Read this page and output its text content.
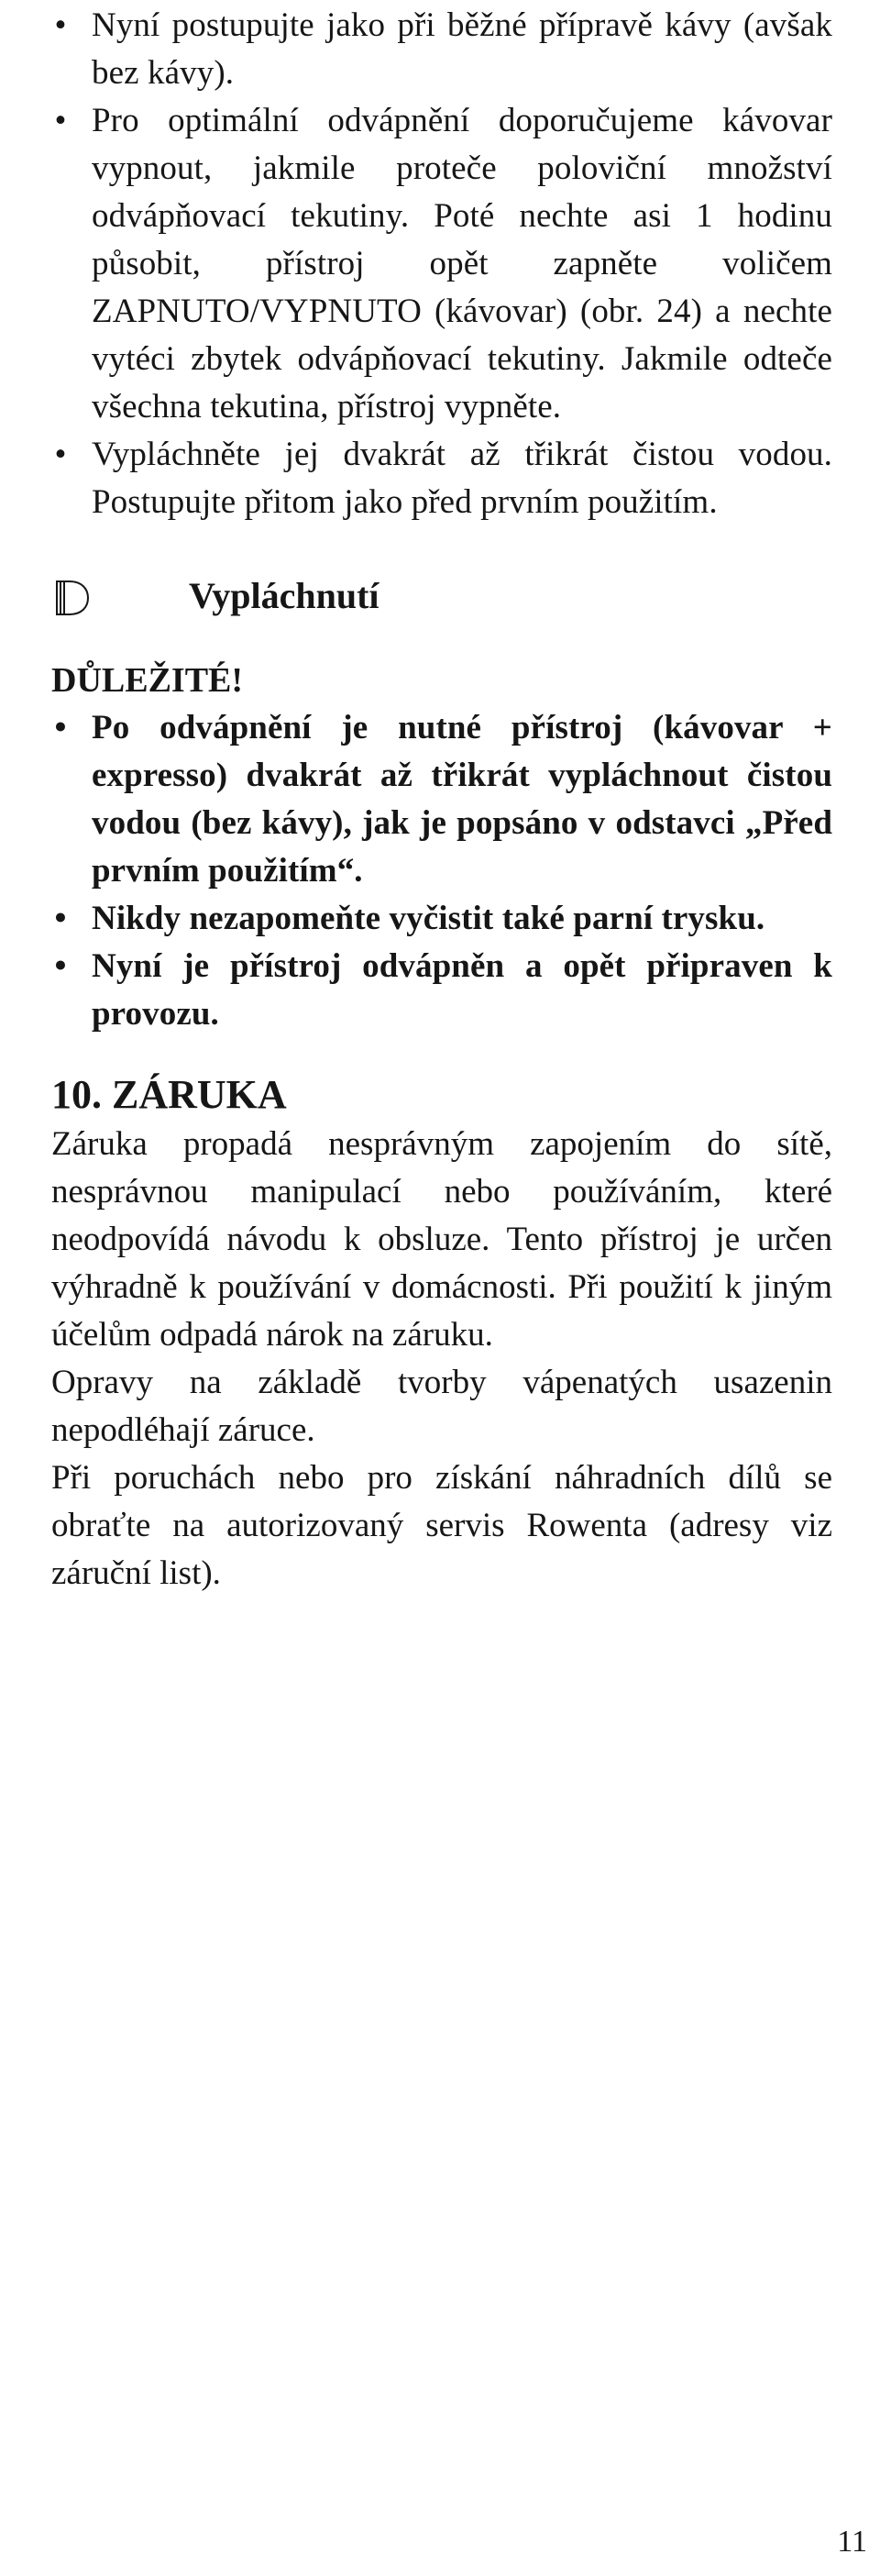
• Nyní postupujte jako při běžné přípravě kávy (avšak bez kávy).
• Pro optimální odvápnění doporučujeme kávovar vypnout, jakmile proteče poloviční množství odvápňovací tekutiny. Poté nechte asi 1 hodinu působit, přístroj opět zapněte voličem ZAPNUTO/VYPNUTO (kávovar) (obr. 24) a nechte vytéci zbytek odvápňovací tekutiny. Jakmile odteče všechna tekutina, přístroj vypněte.
• Vypláchněte jej dvakrát až třikrát čistou vodou. Postupujte přitom jako před prvním použitím.
Vypláchnutí
DŮLEŽITÉ!
• Po odvápnění je nutné přístroj (kávovar + expresso) dvakrát až třikrát vypláchnout čistou vodou (bez kávy), jak je popsáno v odstavci „Před prvním použitím“.
• Nikdy nezapomeňte vyčistit také parní trysku.
• Nyní je přístroj odvápněn a opět připraven k provozu.
10. ZÁRUKA

Záruka propadá nesprávným zapojením do sítě, nesprávnou manipulací nebo používáním, které neodpovídá návodu k obsluze. Tento přístroj je určen výhradně k používání v domácnosti. Při použití k jiným účelům odpadá nárok na záruku.

Opravy na základě tvorby vápenatých usazenin nepodléhají záruce.

Při poruchách nebo pro získání náhradních dílů se obraťte na autorizovaný servis Rowenta (adresy viz záruční list).

11
